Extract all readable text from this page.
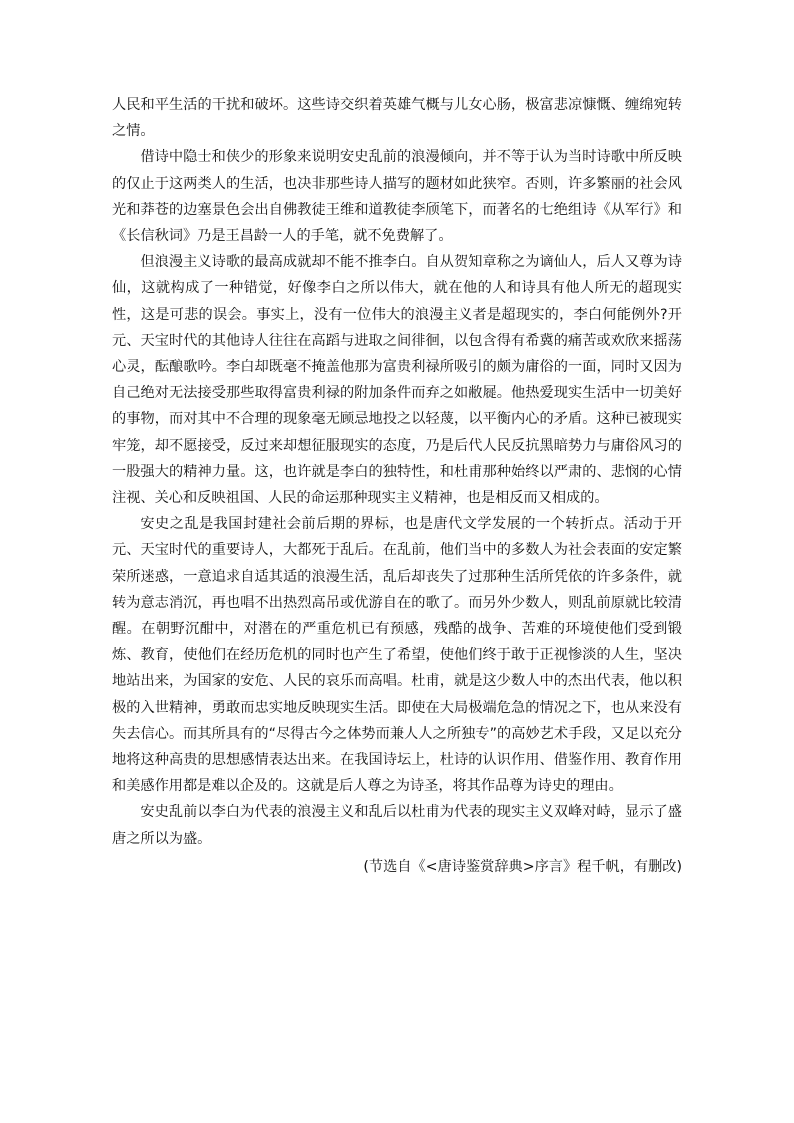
人民和平生活的干扰和破坏。这些诗交织着英雄气概与儿女心肠，极富悲凉慷慨、缠绵宛转之情。

借诗中隐士和侠少的形象来说明安史乱前的浪漫倾向，并不等于认为当时诗歌中所反映的仅止于这两类人的生活，也决非那些诗人描写的题材如此狭窄。否则，许多繁丽的社会风光和莽苍的边塞景色会出自佛教徒王维和道教徒李颀笔下，而著名的七绝组诗《从军行》和《长信秋词》乃是王昌龄一人的手笔，就不免费解了。

但浪漫主义诗歌的最高成就却不能不推李白。自从贺知章称之为谪仙人，后人又尊为诗仙，这就构成了一种错觉，好像李白之所以伟大，就在他的人和诗具有他人所无的超现实性，这是可悲的误会。事实上，没有一位伟大的浪漫主义者是超现实的，李白何能例外?开元、天宝时代的其他诗人往往在高蹈与进取之间徘徊，以包含得有希冀的痛苦或欢欣来摇荡心灵，酝酿歌吟。李白却既毫不掩盖他那为富贵利禄所吸引的颇为庸俗的一面，同时又因为自己绝对无法接受那些取得富贵利禄的附加条件而弃之如敝屣。他热爱现实生活中一切美好的事物，而对其中不合理的现象毫无顾忌地投之以轻蔑，以平衡内心的矛盾。这种已被现实牢笼，却不愿接受，反过来却想征服现实的态度，乃是后代人民反抗黑暗势力与庸俗风习的一股强大的精神力量。这，也许就是李白的独特性，和杜甫那种始终以严肃的、悲悯的心情注视、关心和反映祖国、人民的命运那种现实主义精神，也是相反而又相成的。

安史之乱是我国封建社会前后期的界标，也是唐代文学发展的一个转折点。活动于开元、天宝时代的重要诗人，大都死于乱后。在乱前，他们当中的多数人为社会表面的安定繁荣所迷惑，一意追求自适其适的浪漫生活，乱后却丧失了过那种生活所凭依的许多条件，就转为意志消沉，再也唱不出热烈高吊或优游自在的歌了。而另外少数人，则乱前原就比较清醒。在朝野沉酣中，对潜在的严重危机已有预感，残酷的战争、苦难的环境使他们受到锻炼、教育，使他们在经历危机的同时也产生了希望，使他们终于敢于正视惨淡的人生，坚决地站出来，为国家的安危、人民的哀乐而高唱。杜甫，就是这少数人中的杰出代表，他以积极的入世精神，勇敢而忠实地反映现实生活。即使在大局极端危急的情况之下，也从来没有失去信心。而其所具有的“尽得古今之体势而兼人人之所独专”的高妙艺术手段，又足以充分地将这种高贵的思想感情表达出来。在我国诗坛上，杜诗的认识作用、借鉴作用、教育作用和美感作用都是难以企及的。这就是后人尊之为诗圣，将其作品尊为诗史的理由。

安史乱前以李白为代表的浪漫主义和乱后以杜甫为代表的现实主义双峰对峙，显示了盛唐之所以为盛。

(节选自《<唐诗鉴赏辞典>序言》程千帆，有删改)
